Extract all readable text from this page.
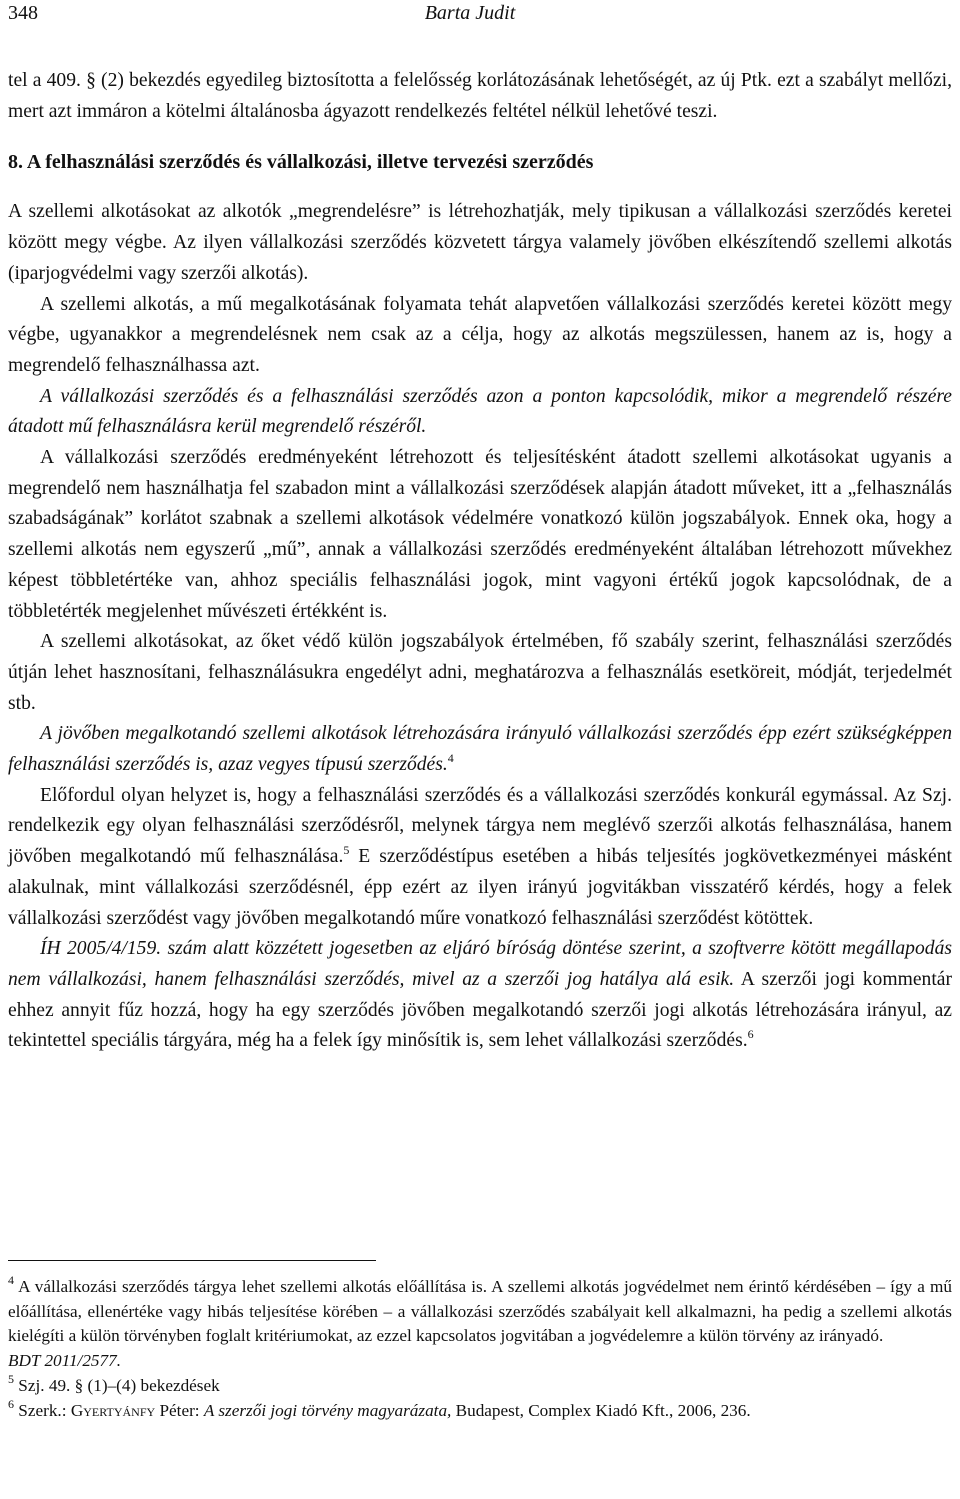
348	Barta Judit

tel a 409. § (2) bekezdés egyedileg biztosította a felelősség korlátozásának lehetőségét, az új Ptk. ezt a szabályt mellőzi, mert azt immáron a kötelmi általánosba ágyazott rendelkezés feltétel nélkül lehetővé teszi.

8. A felhasználási szerződés és vállalkozási, illetve tervezési szerződés

A szellemi alkotásokat az alkotók „megrendelésre” is létrehozhatják, mely tipikusan a vállalkozási szerződés keretei között megy végbe. Az ilyen vállalkozási szerződés közvetett tárgya valamely jövőben elkészítendő szellemi alkotás (iparjogvédelmi vagy szerzői alkotás).

A szellemi alkotás, a mű megalkotásának folyamata tehát alapvetően vállalkozási szerződés keretei között megy végbe, ugyanakkor a megrendelésnek nem csak az a célja, hogy az alkotás megszülessen, hanem az is, hogy a megrendelő felhasználhassa azt.

A vállalkozási szerződés és a felhasználási szerződés azon a ponton kapcsolódik, mikor a megrendelő részére átadott mű felhasználásra kerül megrendelő részéről.

A vállalkozási szerződés eredményeként létrehozott és teljesítésként átadott szellemi alkotásokat ugyanis a megrendelő nem használhatja fel szabadon mint a vállalkozási szerződések alapján átadott műveket, itt a „felhasználás szabadságának” korlátot szabnak a szellemi alkotások védelmére vonatkozó külön jogszabályok. Ennek oka, hogy a szellemi alkotás nem egyszerű „mű”, annak a vállalkozási szerződés eredményeként általában létrehozott művekhez képest többletértéke van, ahhoz speciális felhasználási jogok, mint vagyoni értékű jogok kapcsolódnak, de a többletérték megjelenhet művészeti értékként is.

A szellemi alkotásokat, az őket védő külön jogszabályok értelmében, fő szabály szerint, felhasználási szerződés útján lehet hasznosítani, felhasználásukra engedélyt adni, meghatározva a felhasználás esetköreit, módját, terjedelmét stb.

A jövőben megalkotandó szellemi alkotások létrehozására irányuló vállalkozási szerződés épp ezért szükségképpen felhasználási szerződés is, azaz vegyes típusú szerződés.$^4$

Előfordul olyan helyzet is, hogy a felhasználási szerződés és a vállalkozási szerződés konkurál egymással. Az Szj. rendelkezik egy olyan felhasználási szerződésről, melynek tárgya nem meglévő szerzői alkotás felhasználása, hanem jövőben megalkotandó mű felhasználása.$^5$ E szerződéstípus esetében a hibás teljesítés jogkövetkezményei másként alakulnak, mint vállalkozási szerződésnél, épp ezért az ilyen irányú jogvitákban visszatérő kérdés, hogy a felek vállalkozási szerződést vagy jövőben megalkotandó műre vonatkozó felhasználási szerződést kötöttek.

ÍH 2005/4/159. szám alatt közzétett jogesetben az eljáró bíróság döntése szerint, a szoftverre kötött megállapodás nem vállalkozási, hanem felhasználási szerződés, mivel az a szerzői jog hatálya alá esik. A szerzői jogi kommentár ehhez annyit fűz hozzá, hogy ha egy szerződés jövőben megalkotandó szerzői jogi alkotás létrehozására irányul, az tekintettel speciális tárgyára, még ha a felek így minősítik is, sem lehet vállalkozási szerződés.$^6$

$^4$ A vállalkozási szerződés tárgya lehet szellemi alkotás előállítása is. A szellemi alkotás jogvédelmet nem érintő kérdésében – így a mű előállítása, ellenértéke vagy hibás teljesítése körében – a vállalkozási szerződés szabályait kell alkalmazni, ha pedig a szellemi alkotás kielégíti a külön törvényben foglalt kritériumokat, az ezzel kapcsolatos jogvitában a jogvédelemre a külön törvény az irányadó.
BDT 2011/2577.

$^5$ Szj. 49. § (1)–(4) bekezdések

$^6$ Szerk.: Gyertyánfy Péter: A szerzői jogi törvény magyarázata, Budapest, Complex Kiadó Kft., 2006, 236.
